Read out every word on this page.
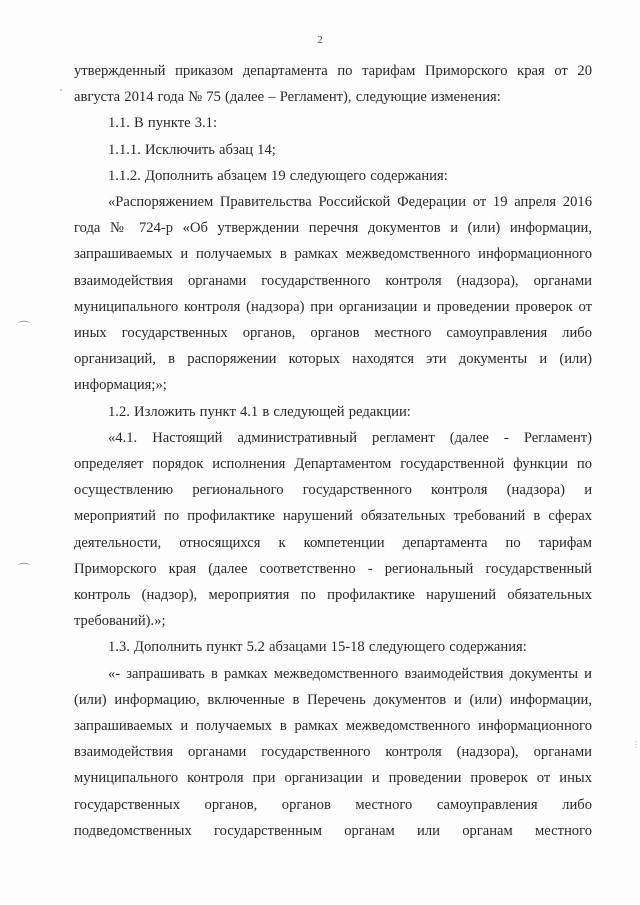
2

утвержденный приказом департамента по тарифам Приморского края от 20 августа 2014 года № 75 (далее – Регламент), следующие изменения:

1.1. В пункте 3.1:

1.1.1. Исключить абзац 14;

1.1.2. Дополнить абзацем 19 следующего содержания:

«Распоряжением Правительства Российской Федерации от 19 апреля 2016 года № 724-р «Об утверждении перечня документов и (или) информации, запрашиваемых и получаемых в рамках межведомственного информационного взаимодействия органами государственного контроля (надзора), органами муниципального контроля (надзора) при организации и проведении проверок от иных государственных органов, органов местного самоуправления либо организаций, в распоряжении которых находятся эти документы и (или) информация;»;

1.2. Изложить пункт 4.1 в следующей редакции:

«4.1. Настоящий административный регламент (далее - Регламент) определяет порядок исполнения Департаментом государственной функции по осуществлению регионального государственного контроля (надзора) и мероприятий по профилактике нарушений обязательных требований в сферах деятельности, относящихся к компетенции департамента по тарифам Приморского края (далее соответственно - региональный государственный контроль (надзор), мероприятия по профилактике нарушений обязательных требований).»;

1.3. Дополнить пункт 5.2 абзацами 15-18 следующего содержания:

«- запрашивать в рамках межведомственного взаимодействия документы и (или) информацию, включенные в Перечень документов и (или) информации, запрашиваемых и получаемых в рамках межведомственного информационного взаимодействия органами государственного контроля (надзора), органами муниципального контроля при организации и проведении проверок от иных государственных органов, органов местного самоуправления либо подведомственных государственным органам или органам местного

,
⌒
⌒
⋮
